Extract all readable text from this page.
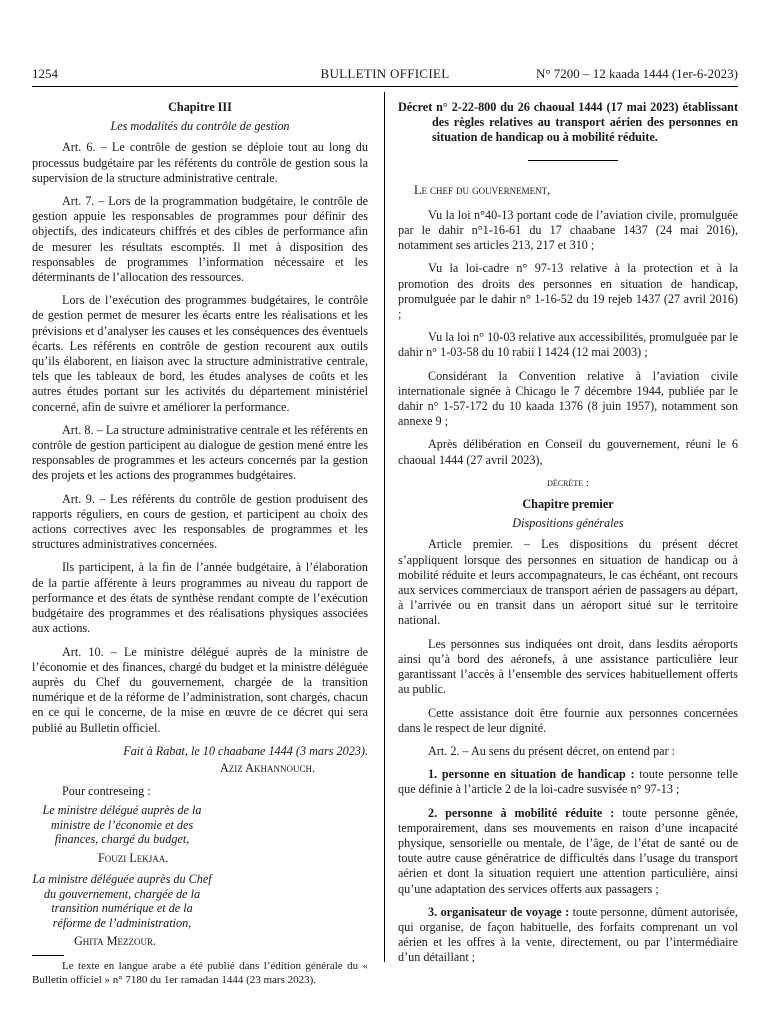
1254	BULLETIN OFFICIEL	N° 7200 – 12 kaada 1444 (1er-6-2023)
Chapitre III
Les modalités du contrôle de gestion

Art. 6. – Le contrôle de gestion se déploie tout au long du processus budgétaire par les référents du contrôle de gestion sous la supervision de la structure administrative centrale.

Art. 7. – Lors de la programmation budgétaire, le contrôle de gestion appuie les responsables de programmes pour définir des objectifs, des indicateurs chiffrés et des cibles de performance afin de mesurer les résultats escomptés. Il met à disposition des responsables de programmes l’information nécessaire et les déterminants de l’allocation des ressources.

Lors de l’exécution des programmes budgétaires, le contrôle de gestion permet de mesurer les écarts entre les réalisations et les prévisions et d’analyser les causes et les conséquences des éventuels écarts. Les référents en contrôle de gestion recourent aux outils qu’ils élaborent, en liaison avec la structure administrative centrale, tels que les tableaux de bord, les études analyses de coûts et les autres études portant sur les activités du département ministériel concerné, afin de suivre et améliorer la performance.

Art. 8. – La structure administrative centrale et les référents en contrôle de gestion participent au dialogue de gestion mené entre les responsables de programmes et les acteurs concernés par la gestion des projets et les actions des programmes budgétaires.

Art. 9. – Les référents du contrôle de gestion produisent des rapports réguliers, en cours de gestion, et participent au choix des actions correctives avec les responsables de programmes et les structures administratives concernées.

Ils participent, à la fin de l’année budgétaire, à l’élaboration de la partie afférente à leurs programmes au niveau du rapport de performance et des états de synthèse rendant compte de l’exécution budgétaire des programmes et des réalisations physiques associées aux actions.

Art. 10. – Le ministre délégué auprès de la ministre de l’économie et des finances, chargé du budget et la ministre déléguée auprès du Chef du gouvernement, chargée de la transition numérique et de la réforme de l’administration, sont chargés, chacun en ce qui le concerne, de la mise en œuvre de ce décret qui sera publié au Bulletin officiel.

Fait à Rabat, le 10 chaabane 1444 (3 mars 2023).

Aziz Akhannouch.

Pour contreseing :

Le ministre délégué auprès de la ministre de l’économie et des finances, chargé du budget,
Fouzi Lekjaa.
La ministre déléguée auprès du Chef du gouvernement, chargée de la transition numérique et de la réforme de l’administration,
Ghita Mezzour.

Le texte en langue arabe a été publié dans l’édition générale du « Bulletin officiel » n° 7180 du 1er ramadan 1444 (23 mars 2023).

Décret n° 2-22-800 du 26 chaoual 1444 (17 mai 2023) établissant des règles relatives au transport aérien des personnes en situation de handicap ou à mobilité réduite.

Le chef du gouvernement,

Vu la loi n°40-13 portant code de l’aviation civile, promulguée par le dahir n°1-16-61 du 17 chaabane 1437 (24 mai 2016), notamment ses articles 213, 217 et 310 ;

Vu la loi-cadre n° 97-13 relative à la protection et à la promotion des droits des personnes en situation de handicap, promulguée par le dahir n° 1-16-52 du 19 rejeb 1437 (27 avril 2016) ;

Vu la loi n° 10-03 relative aux accessibilités, promulguée par le dahir n° 1-03-58 du 10 rabii I 1424 (12 mai 2003) ;

Considérant la Convention relative à l’aviation civile internationale signée à Chicago le 7 décembre 1944, publiée par le dahir n° 1-57-172 du 10 kaada 1376 (8 juin 1957), notamment son annexe 9 ;

Après délibération en Conseil du gouvernement, réuni le 6 chaoual 1444 (27 avril 2023),

décrète :
Chapitre premier
Dispositions générales

Article premier. – Les dispositions du présent décret s’appliquent lorsque des personnes en situation de handicap ou à mobilité réduite et leurs accompagnateurs, le cas échéant, ont recours aux services commerciaux de transport aérien de passagers au départ, à l’arrivée ou en transit dans un aéroport situé sur le territoire national.

Les personnes sus indiquées ont droit, dans lesdits aéroports ainsi qu’à bord des aéronefs, à une assistance particulière leur garantissant l’accès à l’ensemble des services habituellement offerts au public.

Cette assistance doit être fournie aux personnes concernées dans le respect de leur dignité.

Art. 2. – Au sens du présent décret, on entend par :

1. personne en situation de handicap : toute personne telle que définie à l’article 2 de la loi-cadre susvisée n° 97-13 ;

2. personne à mobilité réduite : toute personne gênée, temporairement, dans ses mouvements en raison d’une incapacité physique, sensorielle ou mentale, de l’âge, de l’état de santé ou de toute autre cause génératrice de difficultés dans l’usage du transport aérien et dont la situation requiert une attention particulière, ainsi qu’une adaptation des services offerts aux passagers ;

3. organisateur de voyage : toute personne, dûment autorisée, qui organise, de façon habituelle, des forfaits comprenant un vol aérien et les offres à la vente, directement, ou par l’intermédiaire d’un détaillant ;
